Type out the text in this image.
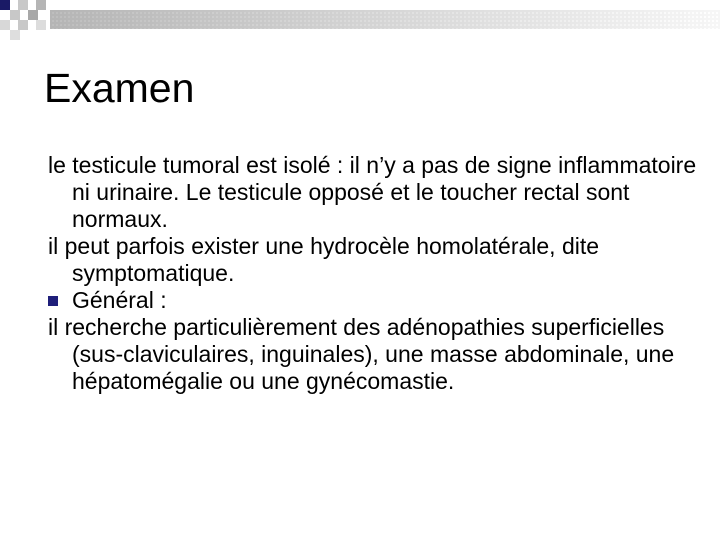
Examen

le testicule tumoral est isolé : il n’y a pas de signe inflammatoire ni urinaire. Le testicule opposé et le toucher rectal sont normaux.

il peut parfois exister une hydrocèle homolatérale, dite symptomatique.

Général :

il recherche particulièrement des adénopathies superficielles (sus-claviculaires, inguinales), une masse abdominale, une hépatomégalie ou une gynécomastie.
